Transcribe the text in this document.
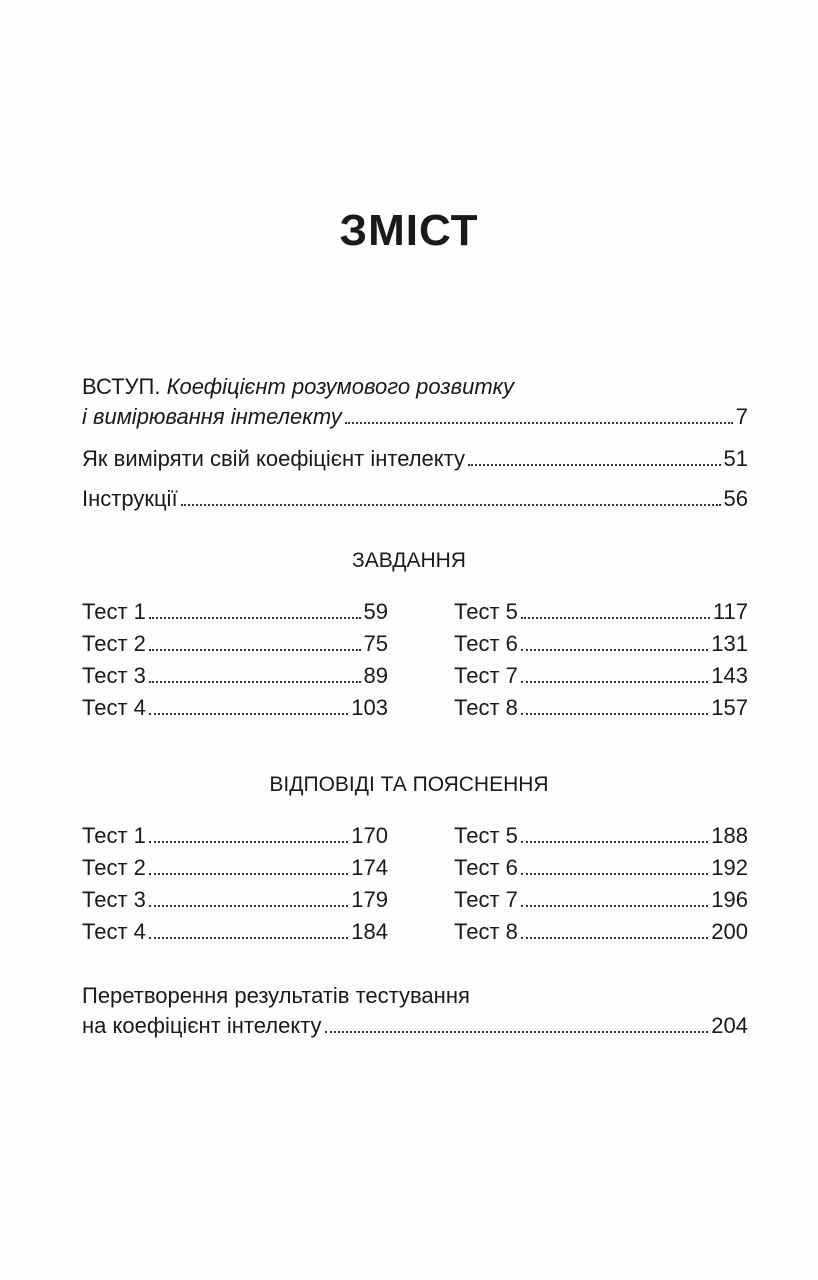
ЗМІСТ
ВСТУП. Коефіцієнт розумового розвитку
і вимірювання інтелекту	7
Як виміряти свій коефіцієнт інтелекту	51
Інструкції	56
ЗАВДАННЯ
Тест 1	59
Тест 2	75
Тест 3	89
Тест 4	103
Тест 5	117
Тест 6	131
Тест 7	143
Тест 8	157
ВІДПОВІДІ ТА ПОЯСНЕННЯ
Тест 1	170
Тест 2	174
Тест 3	179
Тест 4	184
Тест 5	188
Тест 6	192
Тест 7	196
Тест 8	200
Перетворення результатів тестування
на коефіцієнт інтелекту	204
